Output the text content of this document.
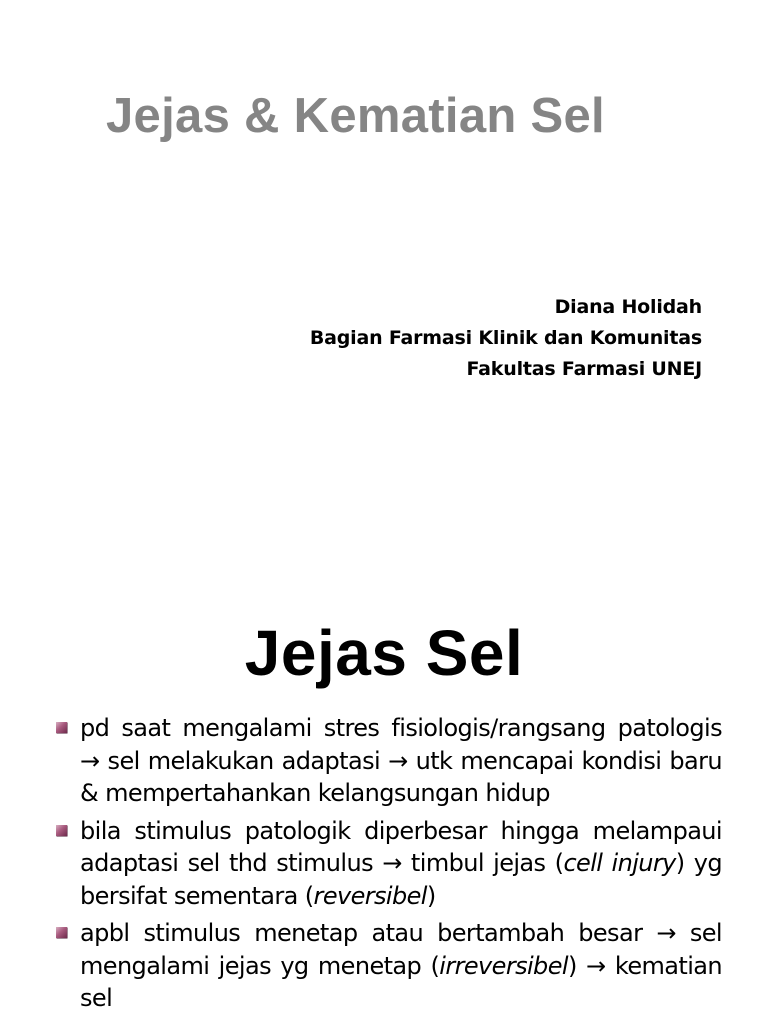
Jejas & Kematian Sel
Diana Holidah
Bagian Farmasi Klinik dan Komunitas
Fakultas Farmasi UNEJ
Jejas Sel
pd saat mengalami stres fisiologis/rangsang patologis → sel melakukan adaptasi → utk mencapai kondisi baru & mempertahankan kelangsungan hidup
bila stimulus patologik diperbesar hingga melampaui adaptasi sel thd stimulus → timbul jejas (cell injury) yg bersifat sementara (reversibel)
apbl stimulus menetap atau bertambah besar → sel mengalami jejas yg menetap (irreversibel) → kematian sel
